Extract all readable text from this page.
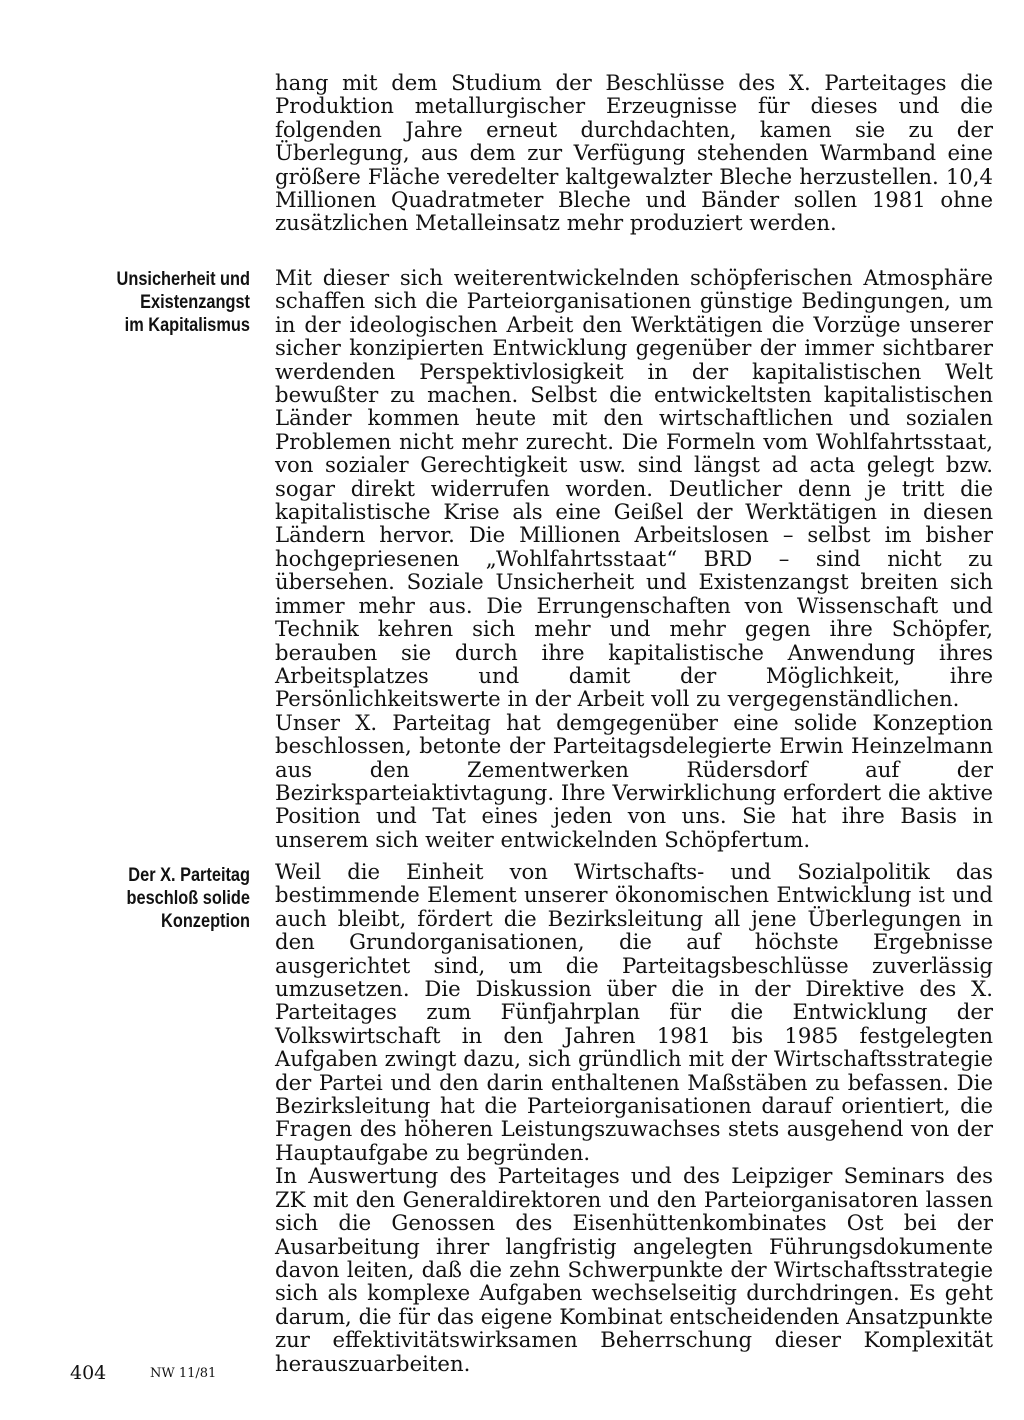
hang mit dem Studium der Beschlüsse des X. Parteitages die Produktion metallurgischer Erzeugnisse für dieses und die folgenden Jahre erneut durchdachten, kamen sie zu der Überlegung, aus dem zur Verfügung stehenden Warmband eine größere Fläche veredelter kaltgewalzter Bleche herzustellen. 10,4 Millionen Quadratmeter Bleche und Bänder sollen 1981 ohne zusätzlichen Metalleinsatz mehr produziert werden.

Unsicherheit und
Existenzangst
im Kapitalismus

Mit dieser sich weiterentwickelnden schöpferischen Atmosphäre schaffen sich die Parteiorganisationen günstige Bedingungen, um in der ideologischen Arbeit den Werktätigen die Vorzüge unserer sicher konzipierten Entwicklung gegenüber der immer sichtbarer werdenden Perspektivlosigkeit in der kapitalistischen Welt bewußter zu machen. Selbst die entwickeltsten kapitalistischen Länder kommen heute mit den wirtschaftlichen und sozialen Problemen nicht mehr zurecht. Die Formeln vom Wohlfahrtsstaat, von sozialer Gerechtigkeit usw. sind längst ad acta gelegt bzw. sogar direkt widerrufen worden. Deutlicher denn je tritt die kapitalistische Krise als eine Geißel der Werktätigen in diesen Ländern hervor. Die Millionen Arbeitslosen – selbst im bisher hochgepriesenen „Wohlfahrtsstaat“ BRD – sind nicht zu übersehen. Soziale Unsicherheit und Existenzangst breiten sich immer mehr aus. Die Errungenschaften von Wissenschaft und Technik kehren sich mehr und mehr gegen ihre Schöpfer, berauben sie durch ihre kapitalistische Anwendung ihres Arbeitsplatzes und damit der Möglichkeit, ihre Persönlichkeitswerte in der Arbeit voll zu vergegenständlichen.

Unser X. Parteitag hat demgegenüber eine solide Konzeption beschlossen, betonte der Parteitagsdelegierte Erwin Heinzelmann aus den Zementwerken Rüdersdorf auf der Bezirksparteiaktivtagung. Ihre Verwirklichung erfordert die aktive Position und Tat eines jeden von uns. Sie hat ihre Basis in unserem sich weiter entwickelnden Schöpfertum.

Der X. Parteitag
beschloß solide
Konzeption

Weil die Einheit von Wirtschafts- und Sozialpolitik das bestimmende Element unserer ökonomischen Entwicklung ist und auch bleibt, fördert die Bezirksleitung all jene Überlegungen in den Grundorganisationen, die auf höchste Ergebnisse ausgerichtet sind, um die Parteitagsbeschlüsse zuverlässig umzusetzen. Die Diskussion über die in der Direktive des X. Parteitages zum Fünfjahrplan für die Entwicklung der Volkswirtschaft in den Jahren 1981 bis 1985 festgelegten Aufgaben zwingt dazu, sich gründlich mit der Wirtschaftsstrategie der Partei und den darin enthaltenen Maßstäben zu befassen. Die Bezirksleitung hat die Parteiorganisationen darauf orientiert, die Fragen des höheren Leistungszuwachses stets ausgehend von der Hauptaufgabe zu begründen.

In Auswertung des Parteitages und des Leipziger Seminars des ZK mit den Generaldirektoren und den Parteiorganisatoren lassen sich die Genossen des Eisenhüttenkombinates Ost bei der Ausarbeitung ihrer langfristig angelegten Führungsdokumente davon leiten, daß die zehn Schwerpunkte der Wirtschaftsstrategie sich als komplexe Aufgaben wechselseitig durchdringen. Es geht darum, die für das eigene Kombinat entscheidenden Ansatzpunkte zur effektivitätswirksamen Beherrschung dieser Komplexität herauszuarbeiten.

404	NW 11/81
